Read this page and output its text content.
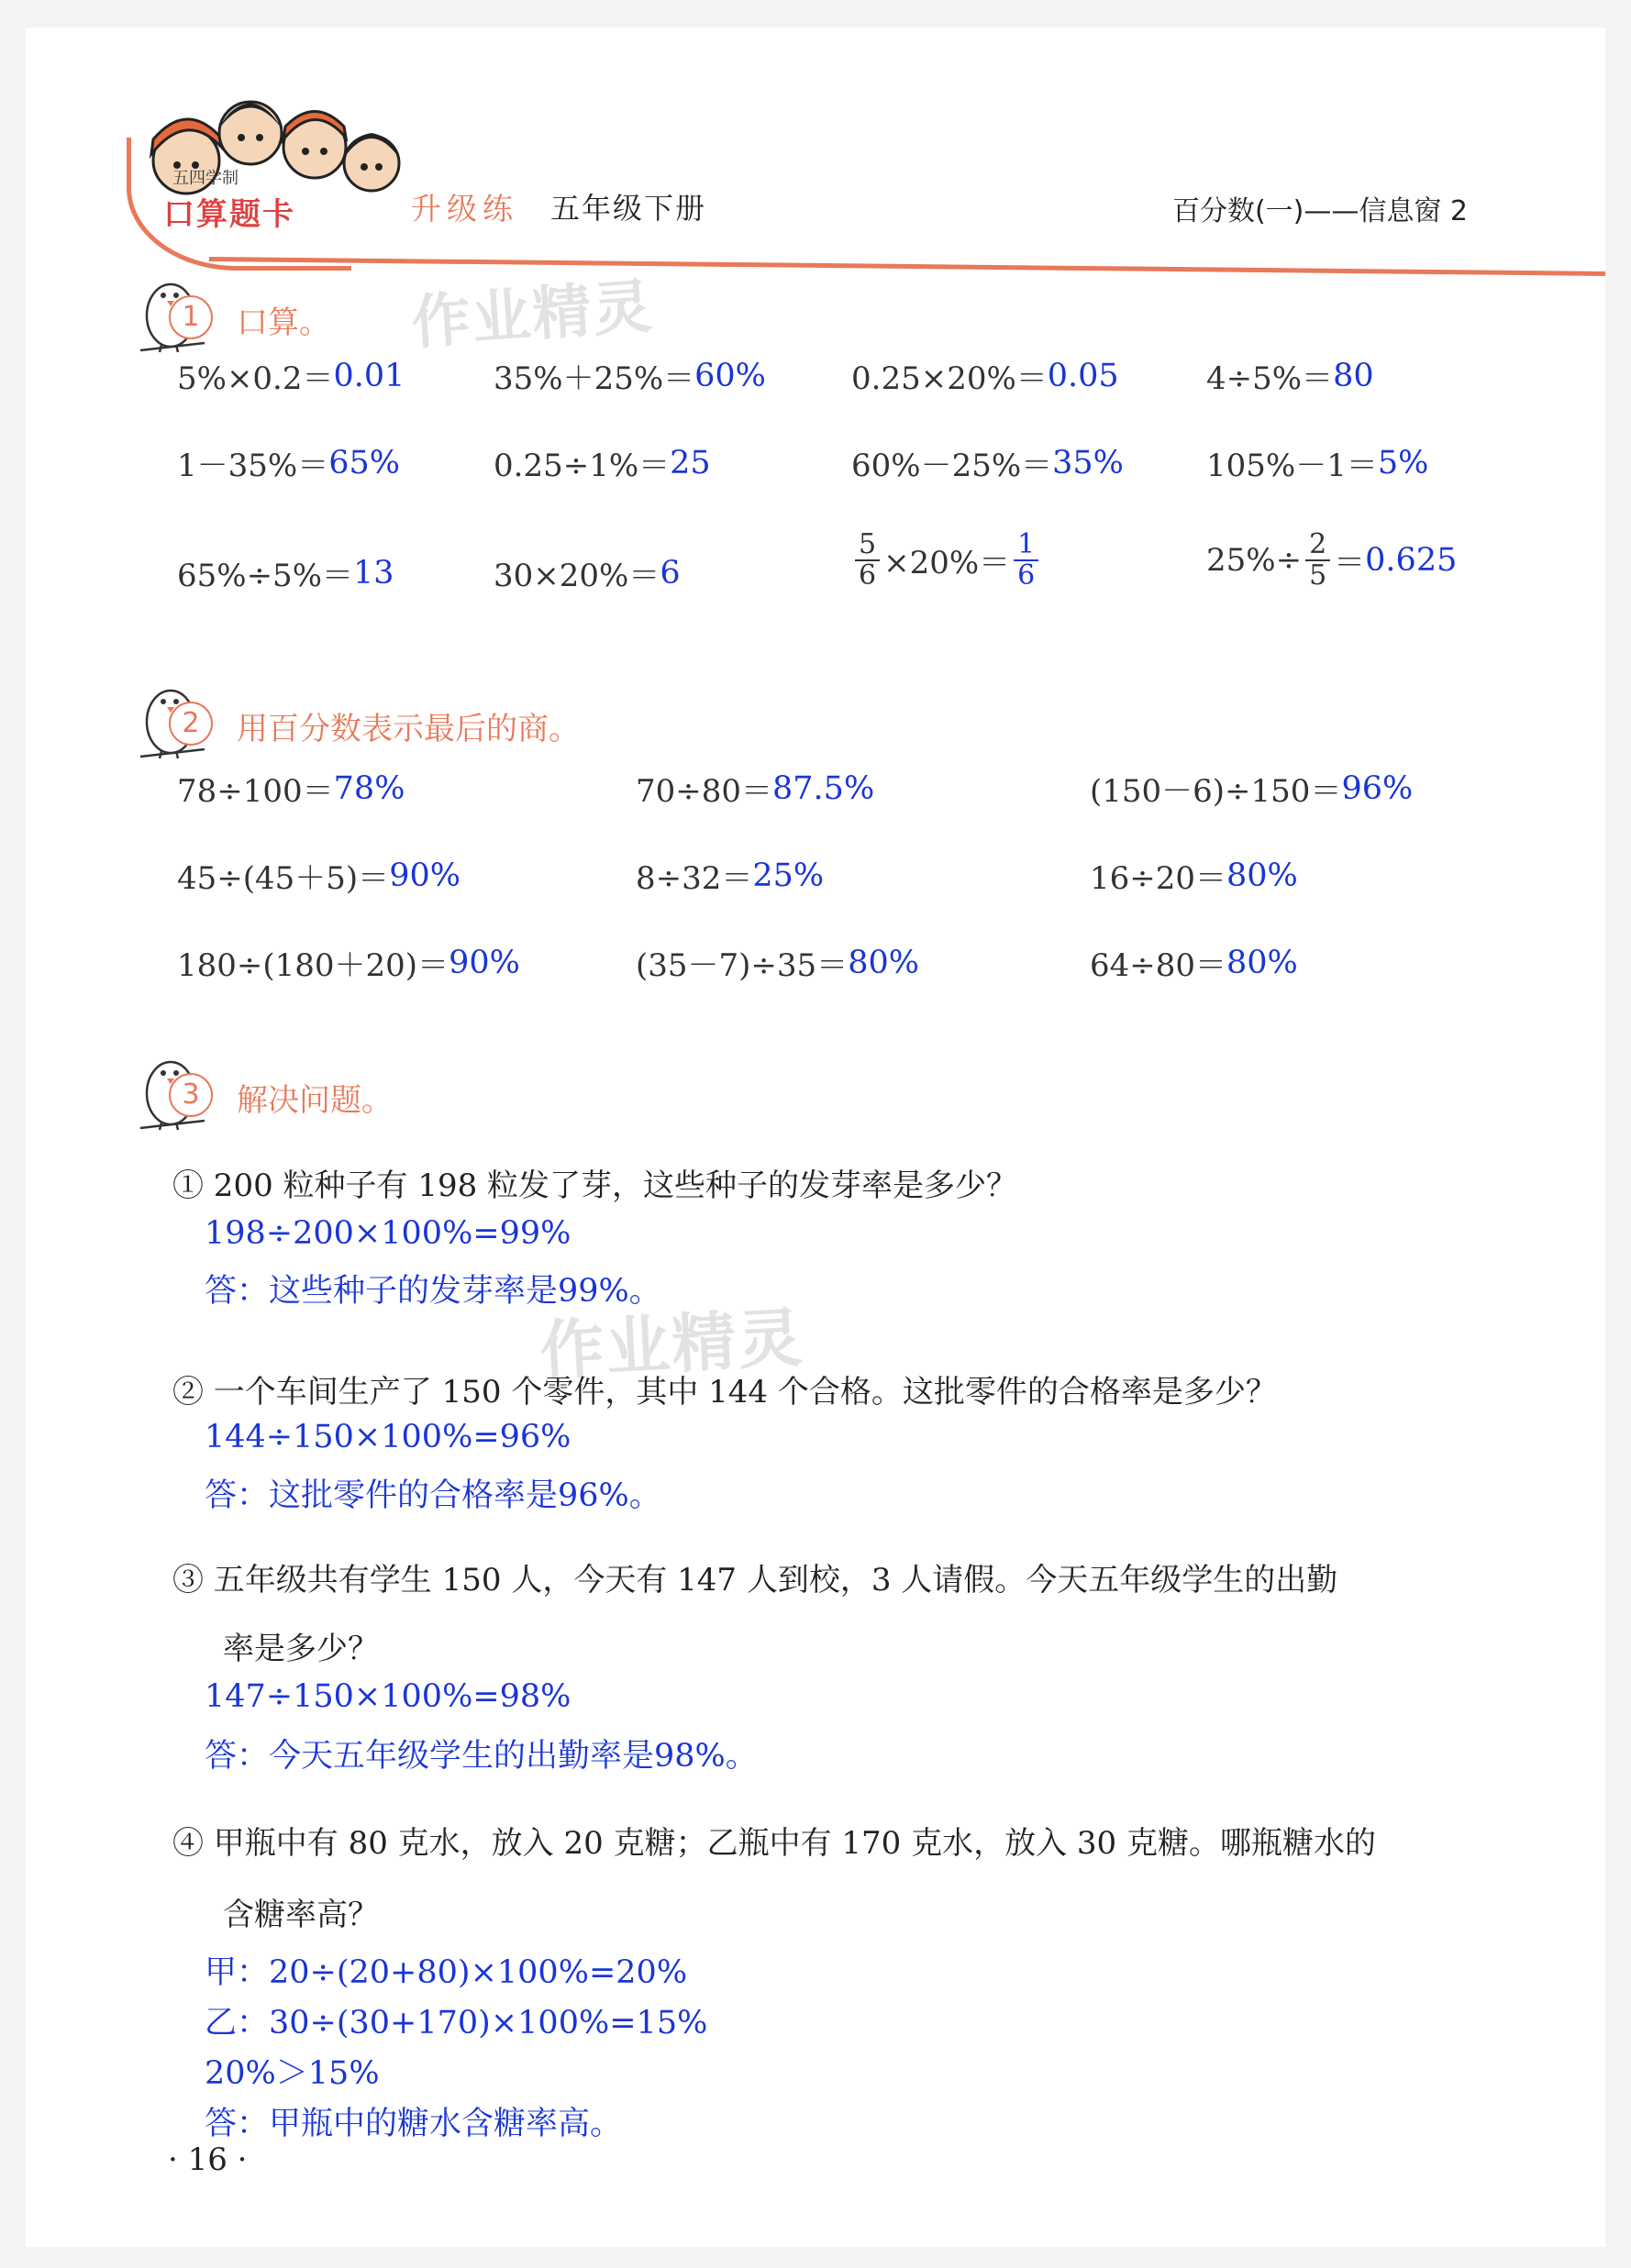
五四学制
口算题卡	升级练 五年级下册	百分数(一)——信息窗 2
作业精灵
作业精灵
1	口算。
5%×0.2＝ 0.01	35%＋25%＝ 60%	0.25×20%＝ 0.05	4÷5%＝ 80
1－35%＝ 65%	0.25÷1%＝ 25	60%－25%＝ 35%	105%－1＝ 5%
65%÷5%＝ 13	30×20%＝ 6	$\frac{5}{6} \times 20\%= \frac{1}{6}$	$25\%\div \frac{2}{5} = 0.625$
2	用百分数表示最后的商。
78÷100＝ 78%	70÷80＝ 87.5%	(150－6)÷150＝ 96%
45÷(45＋5)＝ 90%	8÷32＝ 25%	16÷20＝ 80%
180÷(180＋20)＝ 90%	(35－7)÷35＝ 80%	64÷80＝ 80%
3	解决问题。
① 200 粒种子有 198 粒发了芽，这些种子的发芽率是多少？
198÷200×100%=99%
答：这些种子的发芽率是99%。
② 一个车间生产了 150 个零件，其中 144 个合格。这批零件的合格率是多少？
144÷150×100%=96%
答：这批零件的合格率是96%。
③ 五年级共有学生 150 人，今天有 147 人到校，3 人请假。今天五年级学生的出勤
率是多少？
147÷150×100%=98%
答：今天五年级学生的出勤率是98%。
④ 甲瓶中有 80 克水，放入 20 克糖；乙瓶中有 170 克水，放入 30 克糖。哪瓶糖水的
含糖率高？
甲：20÷(20+80)×100%=20%
乙：30÷(30+170)×100%=15%
20%＞15%
答：甲瓶中的糖水含糖率高。
· 16 ·
